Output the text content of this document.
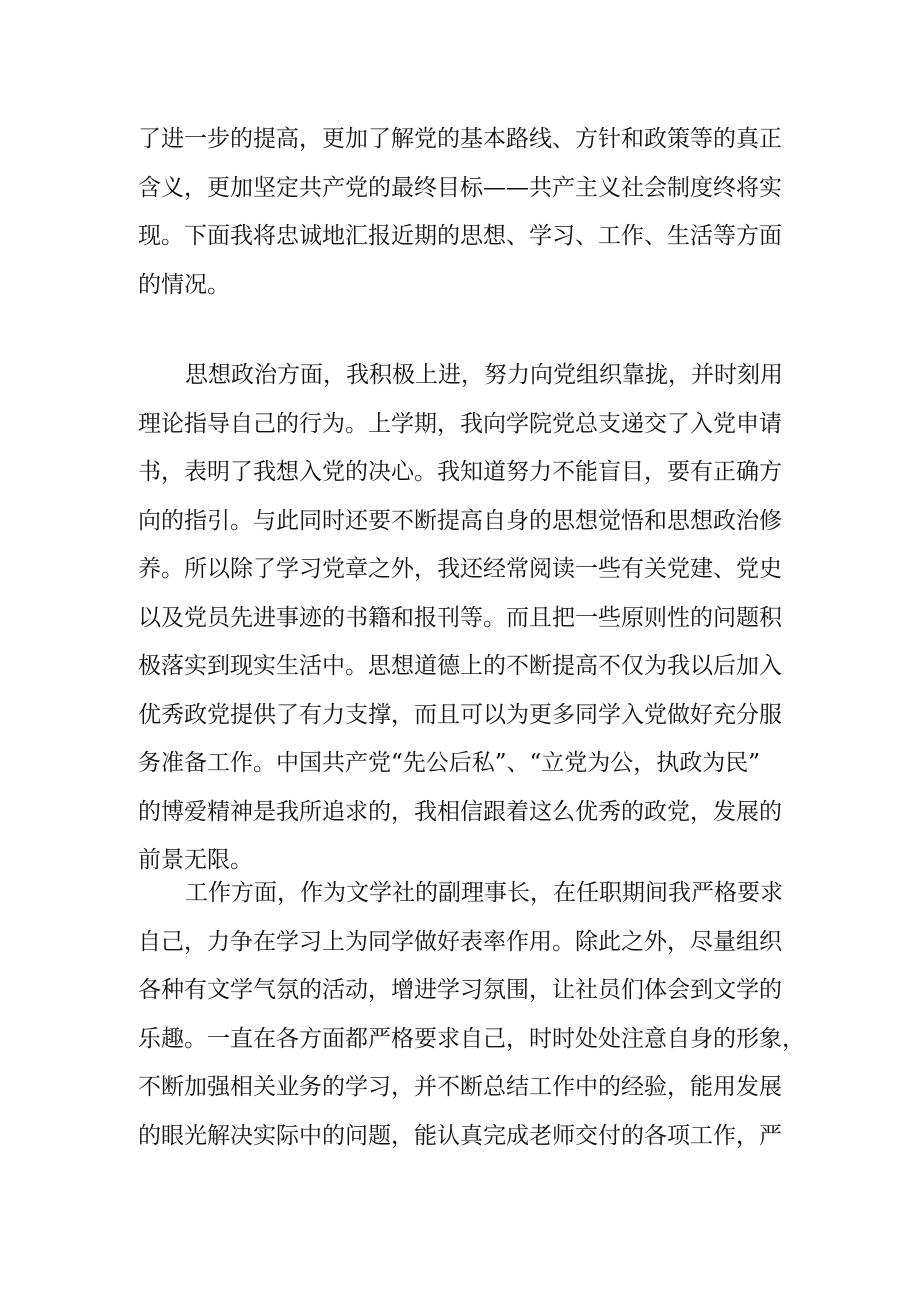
了进一步的提高，更加了解党的基本路线、方针和政策等的真正
含义，更加坚定共产党的最终目标——共产主义社会制度终将实
现。下面我将忠诚地汇报近期的思想、学习、工作、生活等方面
的情况。
思想政治方面，我积极上进，努力向党组织靠拢，并时刻用
理论指导自己的行为。上学期，我向学院党总支递交了入党申请
书，表明了我想入党的决心。我知道努力不能盲目，要有正确方
向的指引。与此同时还要不断提高自身的思想觉悟和思想政治修
养。所以除了学习党章之外，我还经常阅读一些有关党建、党史
以及党员先进事迹的书籍和报刊等。而且把一些原则性的问题积
极落实到现实生活中。思想道德上的不断提高不仅为我以后加入
优秀政党提供了有力支撑，而且可以为更多同学入党做好充分服
务准备工作。中国共产党“先公后私”、“立党为公，执政为民”
的博爱精神是我所追求的，我相信跟着这么优秀的政党，发展的
前景无限。
工作方面，作为文学社的副理事长，在任职期间我严格要求
自己，力争在学习上为同学做好表率作用。除此之外，尽量组织
各种有文学气氛的活动，增进学习氛围，让社员们体会到文学的
乐趣。一直在各方面都严格要求自己，时时处处注意自身的形象，
不断加强相关业务的学习，并不断总结工作中的经验，能用发展
的眼光解决实际中的问题，能认真完成老师交付的各项工作，严
